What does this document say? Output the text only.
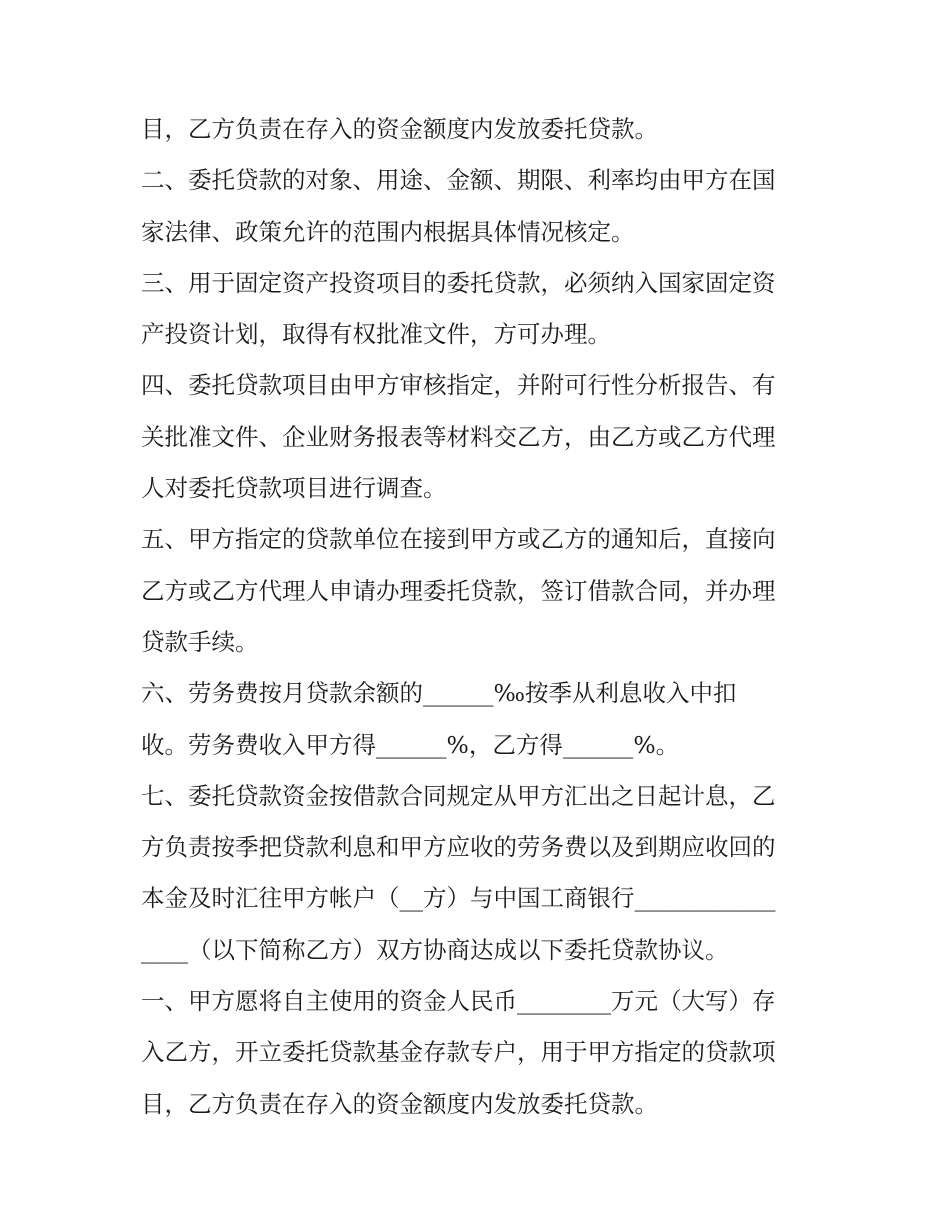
目，乙方负责在存入的资金额度内发放委托贷款。
二、委托贷款的对象、用途、金额、期限、利率均由甲方在国
家法律、政策允许的范围内根据具体情况核定。
三、用于固定资产投资项目的委托贷款，必须纳入国家固定资
产投资计划，取得有权批准文件，方可办理。
四、委托贷款项目由甲方审核指定，并附可行性分析报告、有
关批准文件、企业财务报表等材料交乙方，由乙方或乙方代理
人对委托贷款项目进行调查。
五、甲方指定的贷款单位在接到甲方或乙方的通知后，直接向
乙方或乙方代理人申请办理委托贷款，签订借款合同，并办理
贷款手续。
六、劳务费按月贷款余额的______‰按季从利息收入中扣
收。劳务费收入甲方得______%，乙方得______%。
七、委托贷款资金按借款合同规定从甲方汇出之日起计息，乙
方负责按季把贷款利息和甲方应收的劳务费以及到期应收回的
本金及时汇往甲方帐户（__方）与中国工商银行____________
____（以下简称乙方）双方协商达成以下委托贷款协议。
一、甲方愿将自主使用的资金人民币________万元（大写）存
入乙方，开立委托贷款基金存款专户，用于甲方指定的贷款项
目，乙方负责在存入的资金额度内发放委托贷款。
